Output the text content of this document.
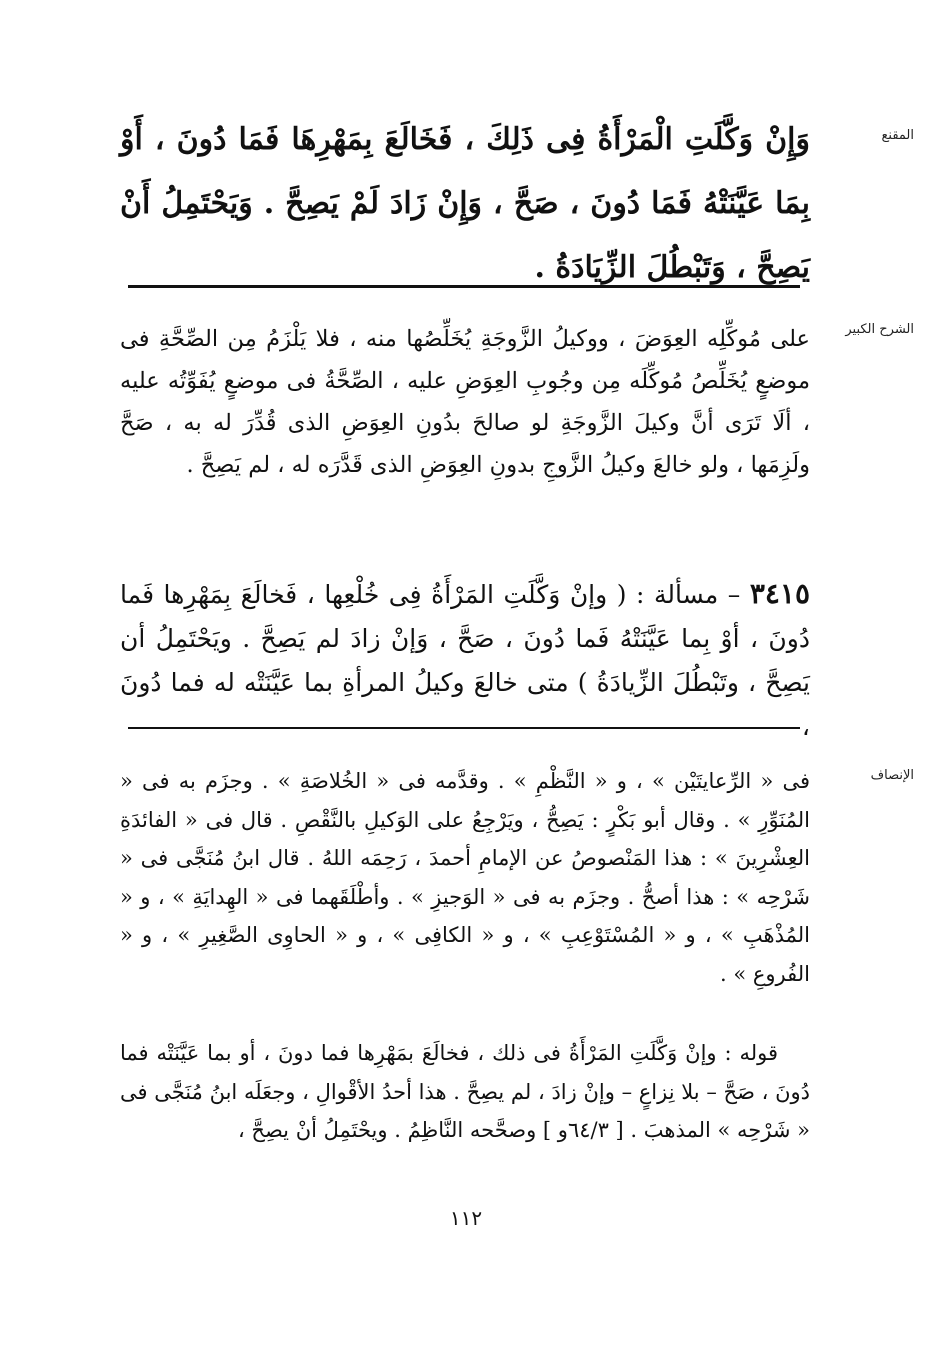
المقنع

وَإِنْ وَكَّلَتِ الْمَرْأَةُ فِى ذَلِكَ ، فَخَالَعَ بِمَهْرِهَا فَمَا دُونَ ، أَوْ بِمَا عَيَّنَتْهُ فَمَا دُونَ ، صَحَّ ، وَإِنْ زَادَ لَمْ يَصِحَّ . وَيَحْتَمِلُ أَنْ يَصِحَّ ، وَتَبْطُلَ الزِّيَادَةُ .

الشرح الكبير

على مُوكِّلِه العِوَضَ ، ووكيلُ الزَّوجَةِ يُخَلِّصُها منه ، فلا يَلْزَمُ مِن الصِّحَّةِ فى موضعٍ يُخَلِّصُ مُوكِّلَه مِن وجُوبِ العِوَضِ عليه ، الصِّحَّةُ فى موضعٍ يُفَوِّتُه عليه ، ألَا تَرَى أنَّ وكيلَ الزَّوجَةِ لو صالحَ بدُونِ العِوَضِ الذى قُدِّرَ له به ، صَحَّ ولَزِمَها ، ولو خالعَ وكيلُ الزَّوجِ بدونِ العِوَضِ الذى قَدَّرَه له ، لم يَصِحَّ .

٣٤١٥ – مسألة : ( وإنْ وَكَّلَتِ المَرْأَةُ فِى خُلْعِها ، فَخالَعَ بِمَهْرِها فَما دُونَ ، أوْ بِما عَيَّنَتْهُ فَما دُونَ ، صَحَّ ، وَإنْ زادَ لم يَصِحَّ . ويَحْتَمِلُ أن يَصِحَّ ، وتَبْطُلَ الزِّيادَةُ ) متى خالعَ وكيلُ المرأةِ بما عَيَّنَتْه له فما دُونَ ،

الإنصاف

فى « الرِّعايتَيْن » ، و « النَّظْمِ » . وقدَّمه فى « الخُلاصَةِ » . وجزَم به فى « المُنَوِّرِ » . وقال أبو بَكْرٍ : يَصِحُّ ، ويَرْجِعُ على الوَكيلِ بالنَّقْصِ . قال فى « الفائدَةِ العِشْرِينَ » : هذا المَنْصوصُ عن الإمامِ أحمدَ ، رَحِمَه اللهُ . قال ابنُ مُنَجَّى فى « شَرْحِه » : هذا أصحُّ . وجزَم به فى « الوَجيزِ » . وأطْلَقَهما فى « الهِدايَةِ » ، و « المُذْهَبِ » ، و « المُسْتَوْعِبِ » ، و « الكافِى » ، و « الحاوِى الصَّغِيرِ » ، و « الفُروعِ » .

قوله : وإنْ وَكَّلَتِ المَرْأَةُ فى ذلك ، فخالَعَ بمَهْرِها فما دونَ ، أو بما عَيَّنَتْه فما دُونَ ، صَحَّ – بلا نِزاعٍ – وإنْ زادَ ، لم يصِحَّ . هذا أحدُ الأقْوالِ ، وجعَلَه ابنُ مُنَجَّى فى « شَرْحِه » المذهبَ . [ ٦٤/٣و ] وصحَّحه النَّاظِمُ . ويحْتَمِلُ أنْ يصِحَّ ،

١١٢
